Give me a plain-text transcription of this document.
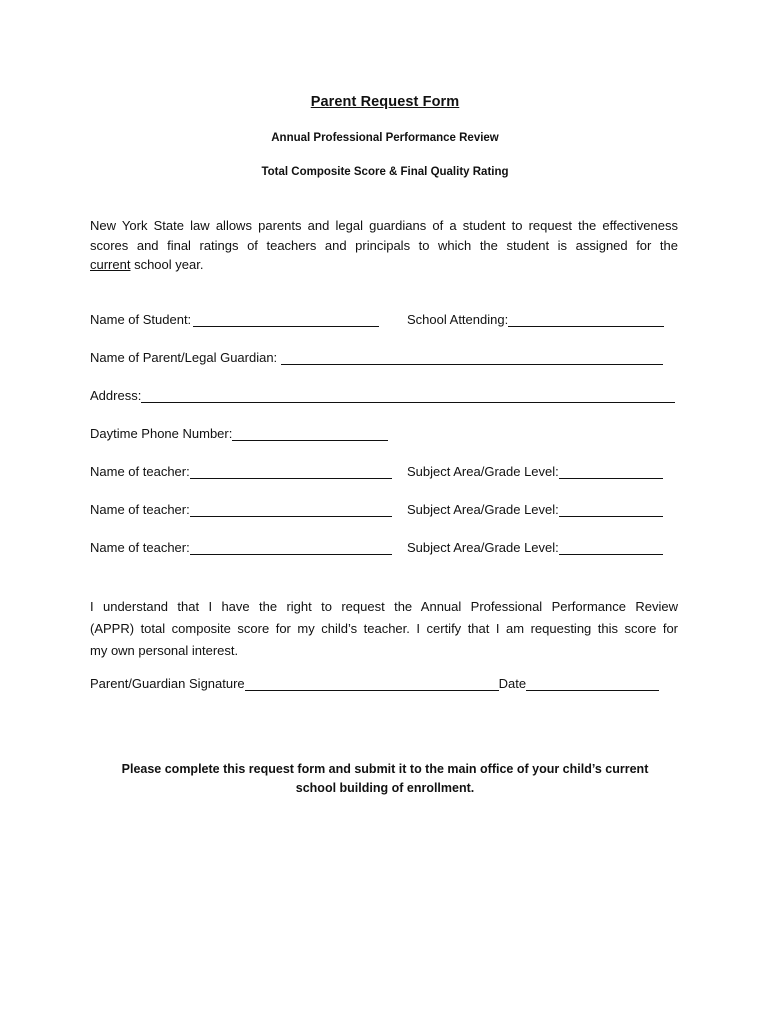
Parent Request Form
Annual Professional Performance Review
Total Composite Score & Final Quality Rating
New York State law allows parents and legal guardians of a student to request the effectiveness
scores and final ratings of teachers and principals to which the student is assigned for the
current school year.
Name of Student:	School Attending:
Name of Parent/Legal Guardian:
Address:
Daytime Phone Number:
Name of teacher:	Subject Area/Grade Level:
Name of teacher:	Subject Area/Grade Level:
Name of teacher:	Subject Area/Grade Level:
I understand that I have the right to request the Annual Professional Performance Review
(APPR) total composite score for my child’s teacher. I certify that I am requesting this score for
my own personal interest.
Parent/Guardian Signature	Date
Please complete this request form and submit it to the main office of your child’s current
school building of enrollment.
